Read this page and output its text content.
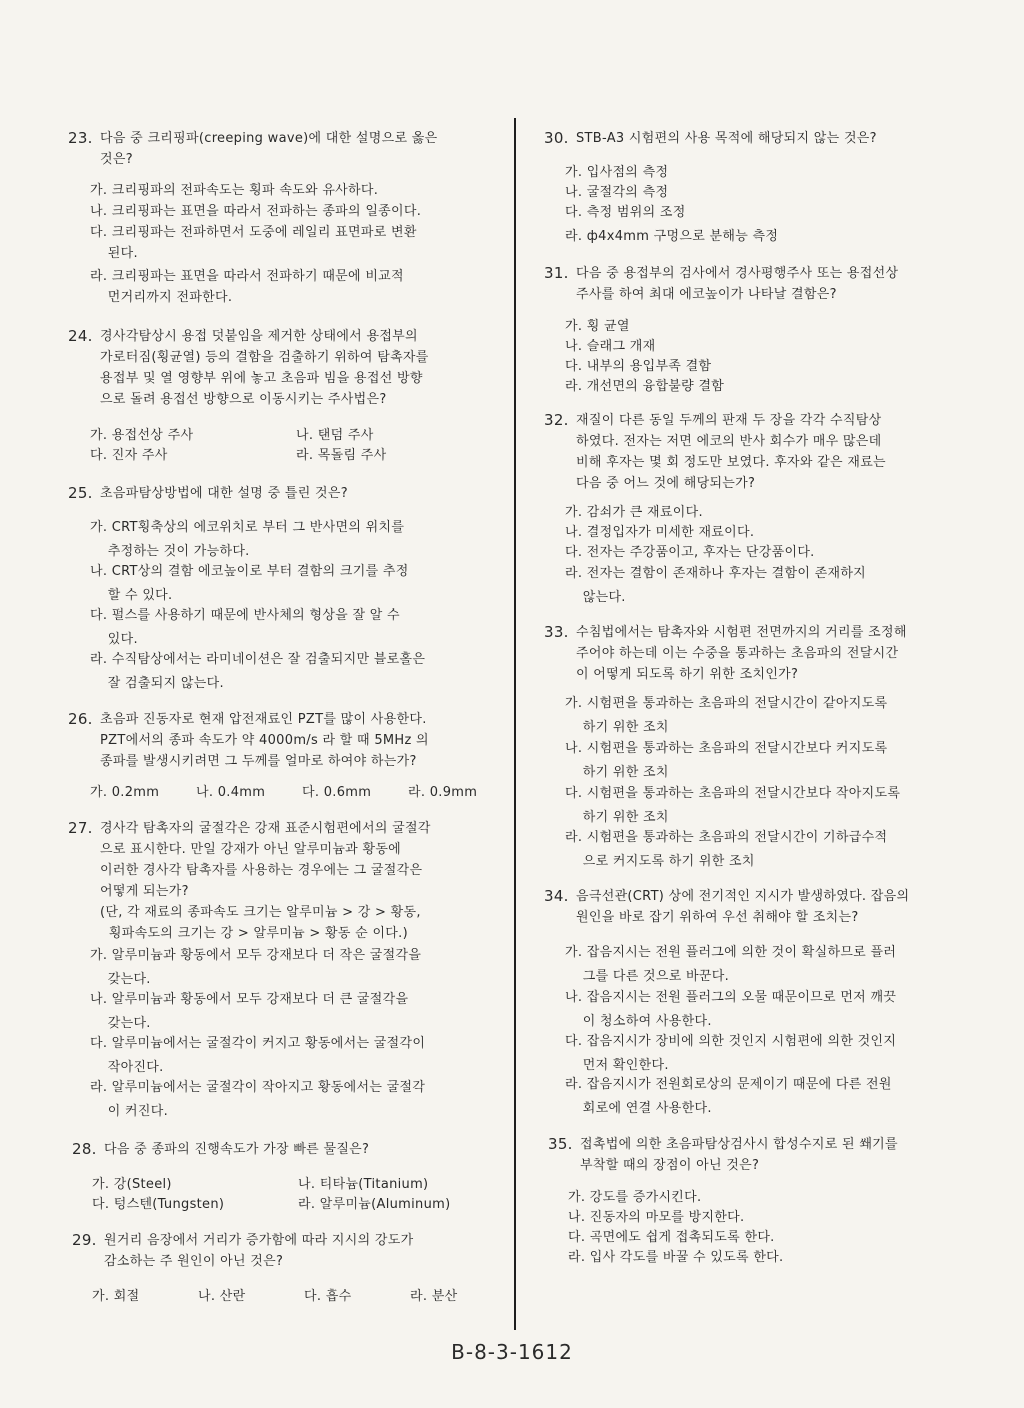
23. 다음 중 크리핑파(creeping wave)에 대한 설명으로 옳은
것은?
가. 크리핑파의 전파속도는 횡파 속도와 유사하다.
나. 크리핑파는 표면을 따라서 전파하는 종파의 일종이다.
다. 크리핑파는 전파하면서 도중에 레일리 표면파로 변환
된다.
라. 크리핑파는 표면을 따라서 전파하기 때문에 비교적
먼거리까지 전파한다.
24. 경사각탐상시 용접 덧붙임을 제거한 상태에서 용접부의
가로터짐(횡균열) 등의 결함을 검출하기 위하여 탐촉자를
용접부 및 열 영향부 위에 놓고 초음파 빔을 용접선 방향
으로 돌려 용접선 방향으로 이동시키는 주사법은?
가. 용접선상 주사	나. 탠덤 주사
다. 진자 주사	라. 목돌림 주사
25. 초음파탐상방법에 대한 설명 중 틀린 것은?
가. CRT횡축상의 에코위치로 부터 그 반사면의 위치를
추정하는 것이 가능하다.
나. CRT상의 결함 에코높이로 부터 결함의 크기를 추정
할 수 있다.
다. 펄스를 사용하기 때문에 반사체의 형상을 잘 알 수
있다.
라. 수직탐상에서는 라미네이션은 잘 검출되지만 블로홀은
잘 검출되지 않는다.
26. 초음파 진동자로 현재 압전재료인 PZT를 많이 사용한다.
PZT에서의 종파 속도가 약 4000m/s 라 할 때 5MHz 의
종파를 발생시키려면 그 두께를 얼마로 하여야 하는가?
가. 0.2mm	나. 0.4mm	다. 0.6mm	라. 0.9mm
27. 경사각 탐촉자의 굴절각은 강재 표준시험편에서의 굴절각
으로 표시한다. 만일 강재가 아닌 알루미늄과 황동에
이러한 경사각 탐촉자를 사용하는 경우에는 그 굴절각은
어떻게 되는가?
(단, 각 재료의 종파속도 크기는 알루미늄 > 강 > 황동,
횡파속도의 크기는 강 > 알루미늄 > 황동 순 이다.)
가. 알루미늄과 황동에서 모두 강재보다 더 작은 굴절각을
갖는다.
나. 알루미늄과 황동에서 모두 강재보다 더 큰 굴절각을
갖는다.
다. 알루미늄에서는 굴절각이 커지고 황동에서는 굴절각이
작아진다.
라. 알루미늄에서는 굴절각이 작아지고 황동에서는 굴절각
이 커진다.
28. 다음 중 종파의 진행속도가 가장 빠른 물질은?
가. 강(Steel)	나. 티타늄(Titanium)
다. 텅스텐(Tungsten)	라. 알루미늄(Aluminum)
29. 원거리 음장에서 거리가 증가함에 따라 지시의 강도가
감소하는 주 원인이 아닌 것은?
가. 회절	나. 산란	다. 흡수	라. 분산
30. STB-A3 시험편의 사용 목적에 해당되지 않는 것은?
가. 입사점의 측정
나. 굴절각의 측정
다. 측정 범위의 조정
라. ф4x4mm 구멍으로 분해능 측정
31. 다음 중 용접부의 검사에서 경사평행주사 또는 용접선상
주사를 하여 최대 에코높이가 나타날 결함은?
가. 횡 균열
나. 슬래그 개재
다. 내부의 용입부족 결함
라. 개선면의 융합불량 결함
32. 재질이 다른 동일 두께의 판재 두 장을 각각 수직탐상
하였다. 전자는 저면 에코의 반사 회수가 매우 많은데
비해 후자는 몇 회 정도만 보였다. 후자와 같은 재료는
다음 중 어느 것에 해당되는가?
가. 감쇠가 큰 재료이다.
나. 결정입자가 미세한 재료이다.
다. 전자는 주강품이고, 후자는 단강품이다.
라. 전자는 결함이 존재하나 후자는 결함이 존재하지
않는다.
33. 수침법에서는 탐촉자와 시험편 전면까지의 거리를 조정해
주어야 하는데 이는 수중을 통과하는 초음파의 전달시간
이 어떻게 되도록 하기 위한 조치인가?
가. 시험편을 통과하는 초음파의 전달시간이 같아지도록
하기 위한 조치
나. 시험편을 통과하는 초음파의 전달시간보다 커지도록
하기 위한 조치
다. 시험편을 통과하는 초음파의 전달시간보다 작아지도록
하기 위한 조치
라. 시험편을 통과하는 초음파의 전달시간이 기하급수적
으로 커지도록 하기 위한 조치
34. 음극선관(CRT) 상에 전기적인 지시가 발생하였다. 잡음의
원인을 바로 잡기 위하여 우선 취해야 할 조치는?
가. 잡음지시는 전원 플러그에 의한 것이 확실하므로 플러
그를 다른 것으로 바꾼다.
나. 잡음지시는 전원 플러그의 오물 때문이므로 먼저 깨끗
이 청소하여 사용한다.
다. 잡음지시가 장비에 의한 것인지 시험편에 의한 것인지
먼저 확인한다.
라. 잡음지시가 전원회로상의 문제이기 때문에 다른 전원
회로에 연결 사용한다.
35. 접촉법에 의한 초음파탐상검사시 합성수지로 된 쐐기를
부착할 때의 장점이 아닌 것은?
가. 강도를 증가시킨다.
나. 진동자의 마모를 방지한다.
다. 곡면에도 쉽게 접촉되도록 한다.
라. 입사 각도를 바꿀 수 있도록 한다.
B-8-3-1612
